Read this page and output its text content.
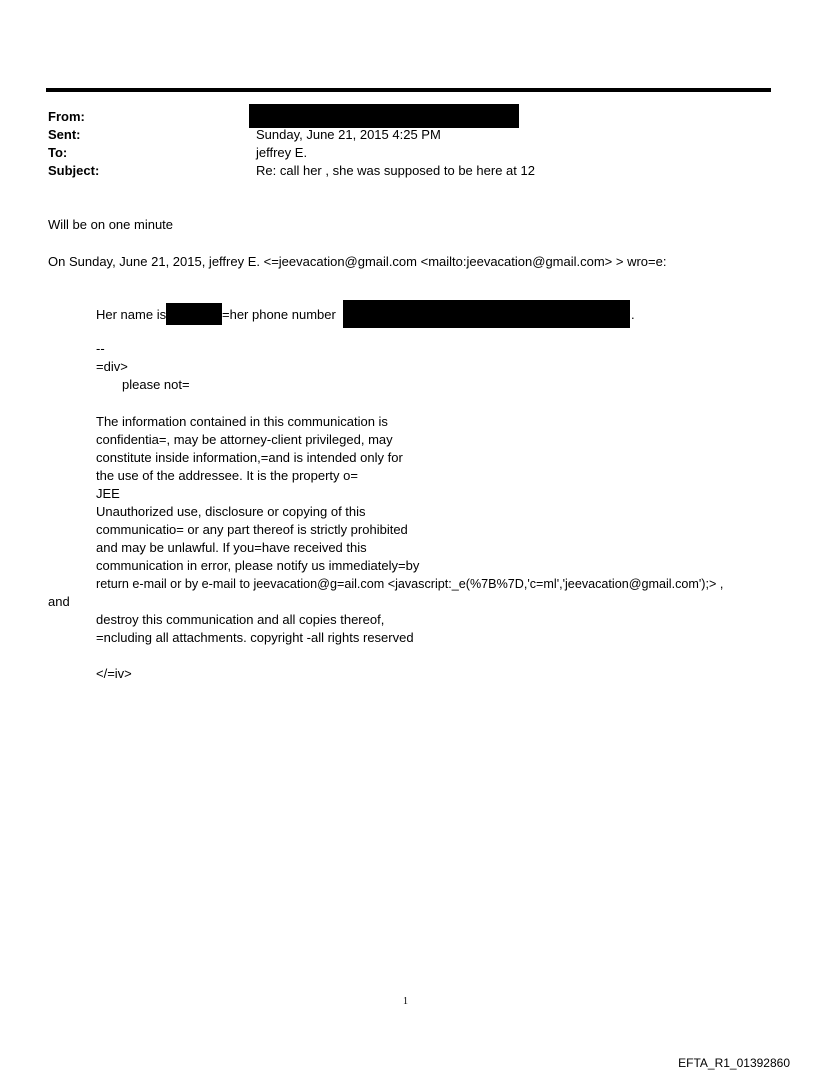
From:
Sent:	Sunday, June 21, 2015 4:25 PM
To:	jeffrey E.
Subject:	Re: call her , she was supposed to be here at 12
Will be on one minute
On Sunday, June 21, 2015, jeffrey E. <=jeevacation@gmail.com <mailto:jeevacation@gmail.com> > wro=e:
Her name is	=her phone number	.
--
=div>
please not=
The information contained in this communication is
confidentia=, may be attorney-client privileged, may
constitute inside information,=and is intended only for
the use of the addressee. It is the property o=
JEE
Unauthorized use, disclosure or copying of this
communicatio= or any part thereof is strictly prohibited
and may be unlawful. If you=have received this
communication in error, please notify us immediately=by
return e-mail or by e-mail to jeevacation@g=ail.com <javascript:_e(%7B%7D,'c=ml','jeevacation@gmail.com');> ,
and
destroy this communication and all copies thereof,
=ncluding all attachments. copyright -all rights reserved
</=iv>
1
EFTA_R1_01392860
